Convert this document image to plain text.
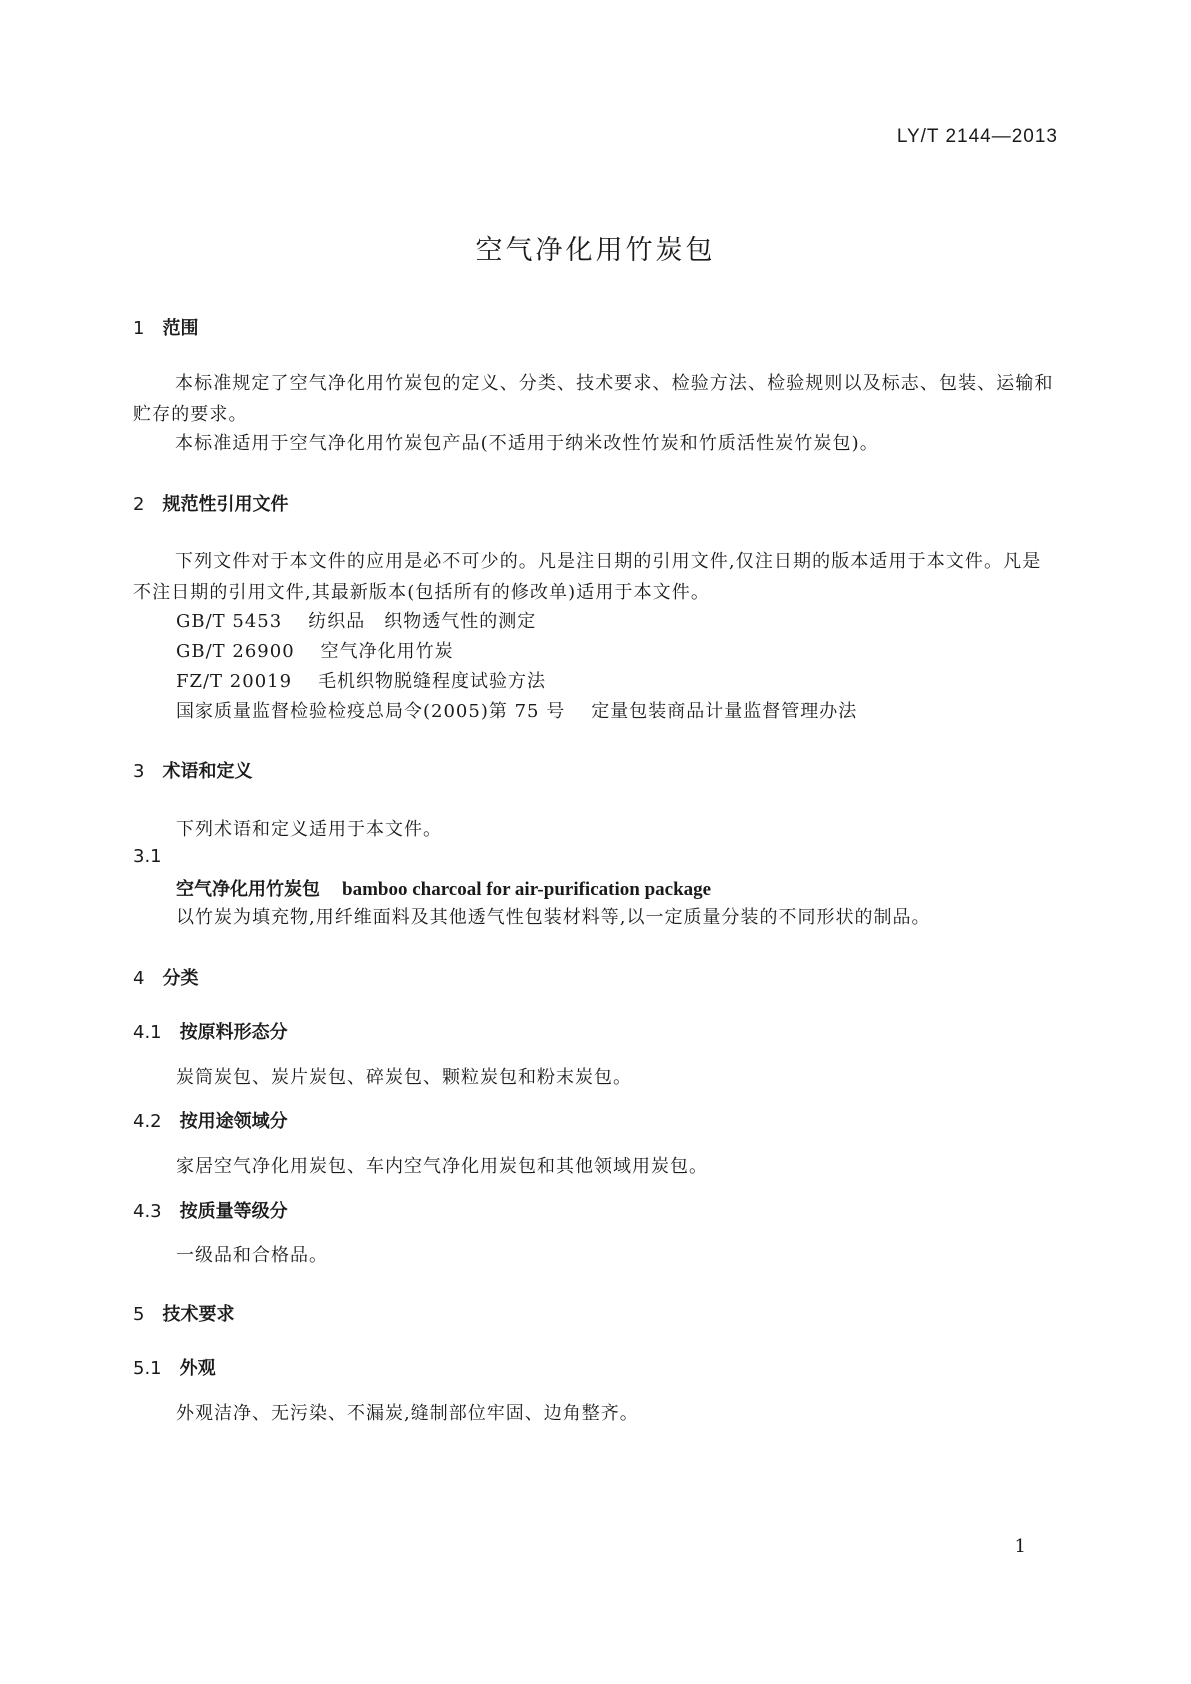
LY/T 2144—2013
空气净化用竹炭包
1 范围
本标准规定了空气净化用竹炭包的定义、分类、技术要求、检验方法、检验规则以及标志、包装、运输和贮存的要求。
本标准适用于空气净化用竹炭包产品(不适用于纳米改性竹炭和竹质活性炭竹炭包)。
2 规范性引用文件
下列文件对于本文件的应用是必不可少的。凡是注日期的引用文件,仅注日期的版本适用于本文件。凡是不注日期的引用文件,其最新版本(包括所有的修改单)适用于本文件。
GB/T 5453 纺织品　织物透气性的测定
GB/T 26900 空气净化用竹炭
FZ/T 20019 毛机织物脱缝程度试验方法
国家质量监督检验检疫总局令(2005)第 75 号 定量包装商品计量监督管理办法
3 术语和定义
下列术语和定义适用于本文件。
3.1
空气净化用竹炭包 bamboo charcoal for air-purification package
以竹炭为填充物,用纤维面料及其他透气性包装材料等,以一定质量分装的不同形状的制品。
4 分类
4.1 按原料形态分
炭筒炭包、炭片炭包、碎炭包、颗粒炭包和粉末炭包。
4.2 按用途领域分
家居空气净化用炭包、车内空气净化用炭包和其他领域用炭包。
4.3 按质量等级分
一级品和合格品。
5 技术要求
5.1 外观
外观洁净、无污染、不漏炭,缝制部位牢固、边角整齐。
1
